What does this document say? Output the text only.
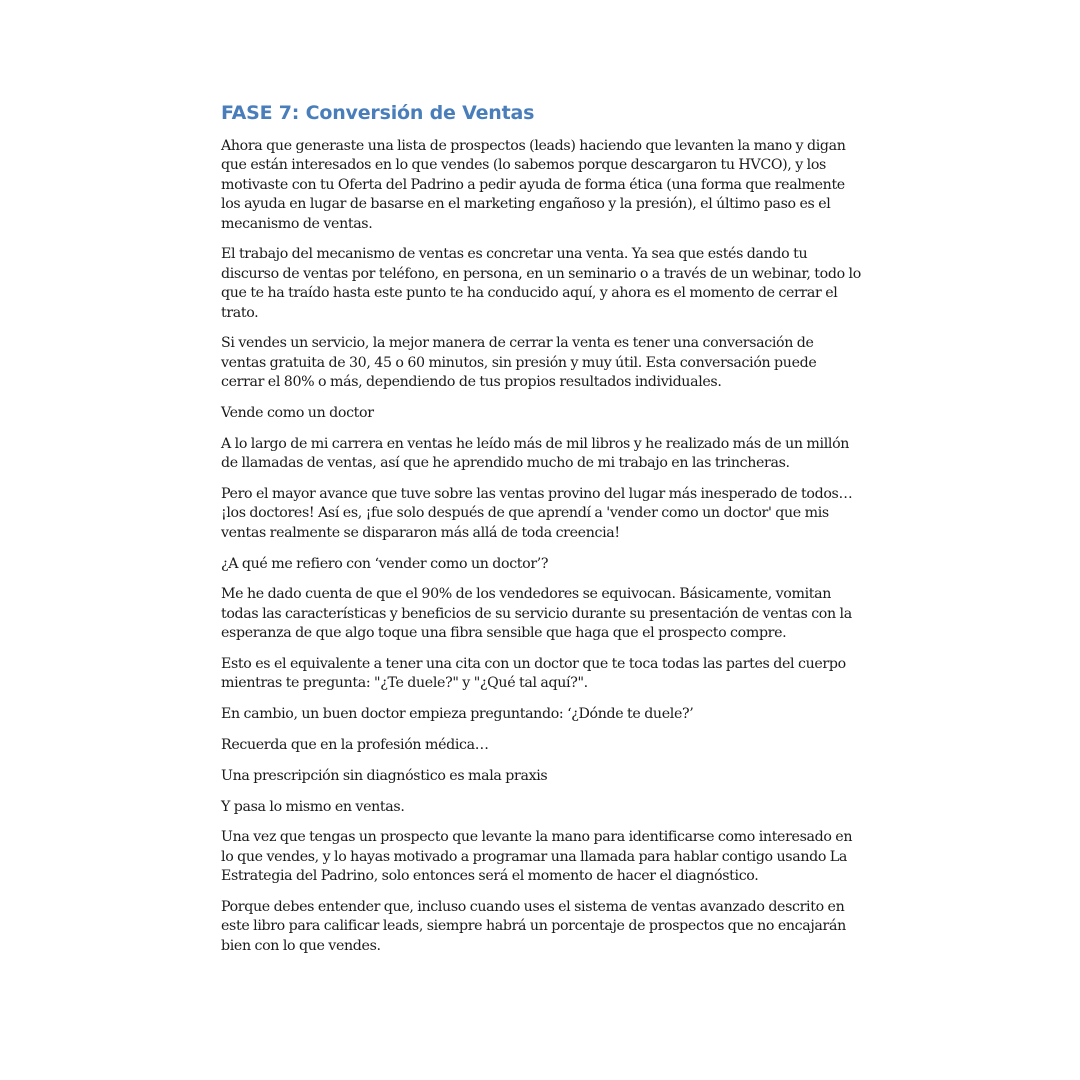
FASE 7: Conversión de Ventas

Ahora que generaste una lista de prospectos (leads) haciendo que levanten la mano y digan que están interesados en lo que vendes (lo sabemos porque descargaron tu HVCO), y los motivaste con tu Oferta del Padrino a pedir ayuda de forma ética (una forma que realmente los ayuda en lugar de basarse en el marketing engañoso y la presión), el último paso es el mecanismo de ventas.

El trabajo del mecanismo de ventas es concretar una venta. Ya sea que estés dando tu discurso de ventas por teléfono, en persona, en un seminario o a través de un webinar, todo lo que te ha traído hasta este punto te ha conducido aquí, y ahora es el momento de cerrar el trato.

Si vendes un servicio, la mejor manera de cerrar la venta es tener una conversación de ventas gratuita de 30, 45 o 60 minutos, sin presión y muy útil. Esta conversación puede cerrar el 80% o más, dependiendo de tus propios resultados individuales.

Vende como un doctor

A lo largo de mi carrera en ventas he leído más de mil libros y he realizado más de un millón de llamadas de ventas, así que he aprendido mucho de mi trabajo en las trincheras.

Pero el mayor avance que tuve sobre las ventas provino del lugar más inesperado de todos… ¡los doctores! Así es, ¡fue solo después de que aprendí a 'vender como un doctor' que mis ventas realmente se dispararon más allá de toda creencia!

¿A qué me refiero con ‘vender como un doctor’?

Me he dado cuenta de que el 90% de los vendedores se equivocan. Básicamente, vomitan todas las características y beneficios de su servicio durante su presentación de ventas con la esperanza de que algo toque una fibra sensible que haga que el prospecto compre.

Esto es el equivalente a tener una cita con un doctor que te toca todas las partes del cuerpo mientras te pregunta: "¿Te duele?" y "¿Qué tal aquí?".

En cambio, un buen doctor empieza preguntando: ‘¿Dónde te duele?’

Recuerda que en la profesión médica…

Una prescripción sin diagnóstico es mala praxis

Y pasa lo mismo en ventas.

Una vez que tengas un prospecto que levante la mano para identificarse como interesado en lo que vendes, y lo hayas motivado a programar una llamada para hablar contigo usando La Estrategia del Padrino, solo entonces será el momento de hacer el diagnóstico.

Porque debes entender que, incluso cuando uses el sistema de ventas avanzado descrito en este libro para calificar leads, siempre habrá un porcentaje de prospectos que no encajarán bien con lo que vendes.
